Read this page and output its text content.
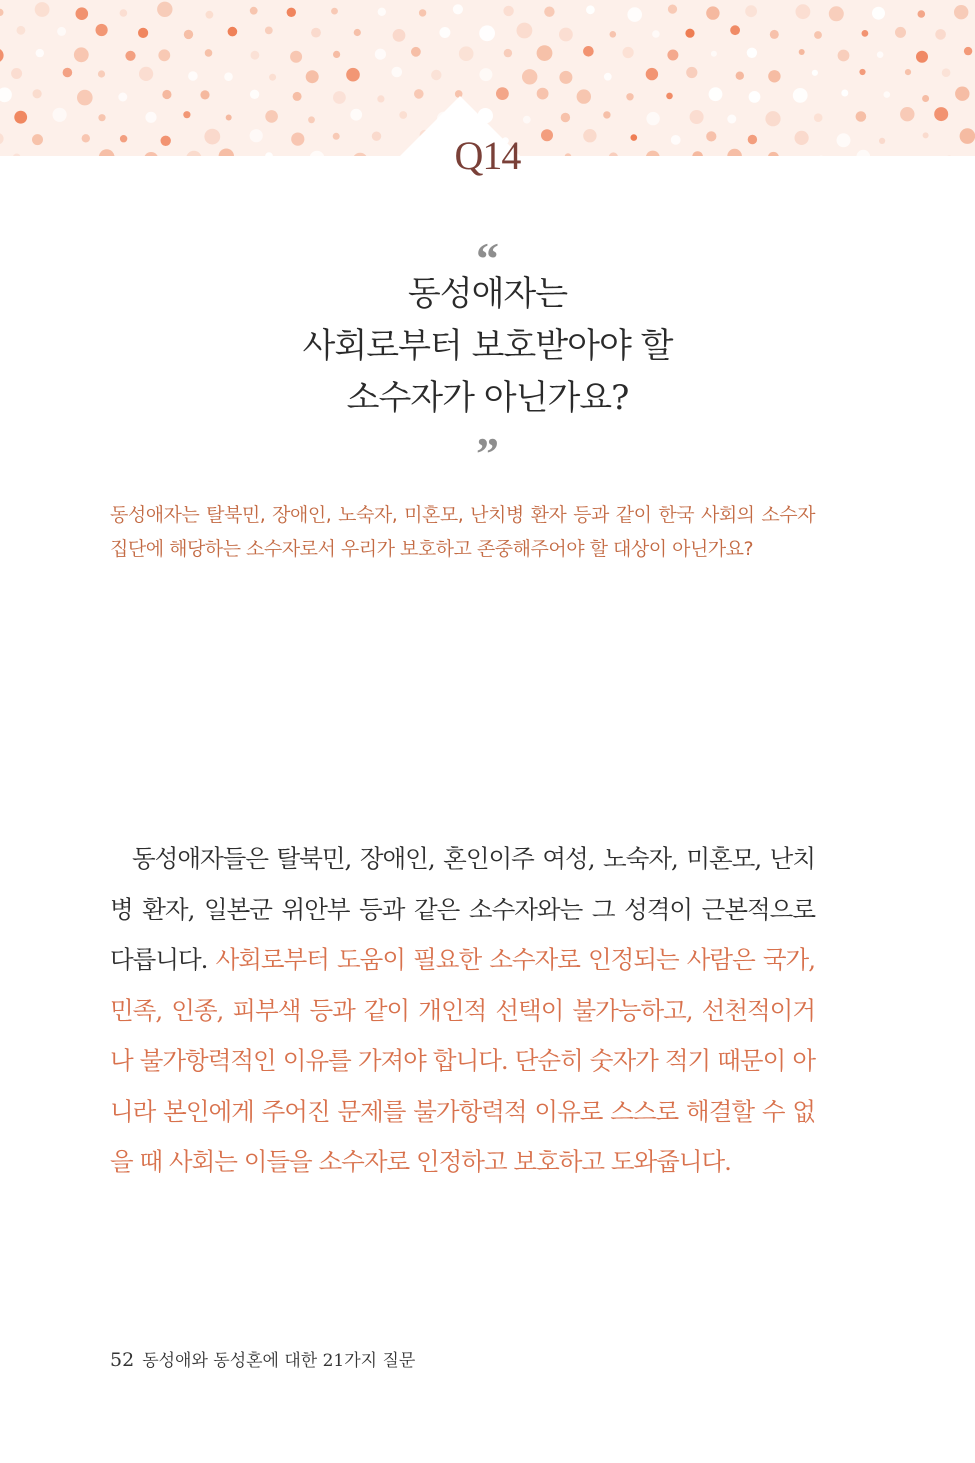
Q14
“
동성애자는
사회로부터 보호받아야 할
소수자가 아닌가요?
”
동성애자는 탈북민, 장애인, 노숙자, 미혼모, 난치병 환자 등과 같이 한국 사회의 소수자 집단에 해당하는 소수자로서 우리가 보호하고 존중해주어야 할 대상이 아닌가요?
동성애자들은 탈북민, 장애인, 혼인이주 여성, 노숙자, 미혼모, 난치병 환자, 일본군 위안부 등과 같은 소수자와는 그 성격이 근본적으로 다릅니다. 사회로부터 도움이 필요한 소수자로 인정되는 사람은 국가, 민족, 인종, 피부색 등과 같이 개인적 선택이 불가능하고, 선천적이거나 불가항력적인 이유를 가져야 합니다. 단순히 숫자가 적기 때문이 아니라 본인에게 주어진 문제를 불가항력적 이유로 스스로 해결할 수 없을 때 사회는 이들을 소수자로 인정하고 보호하고 도와줍니다.
52 동성애와 동성혼에 대한 21가지 질문
